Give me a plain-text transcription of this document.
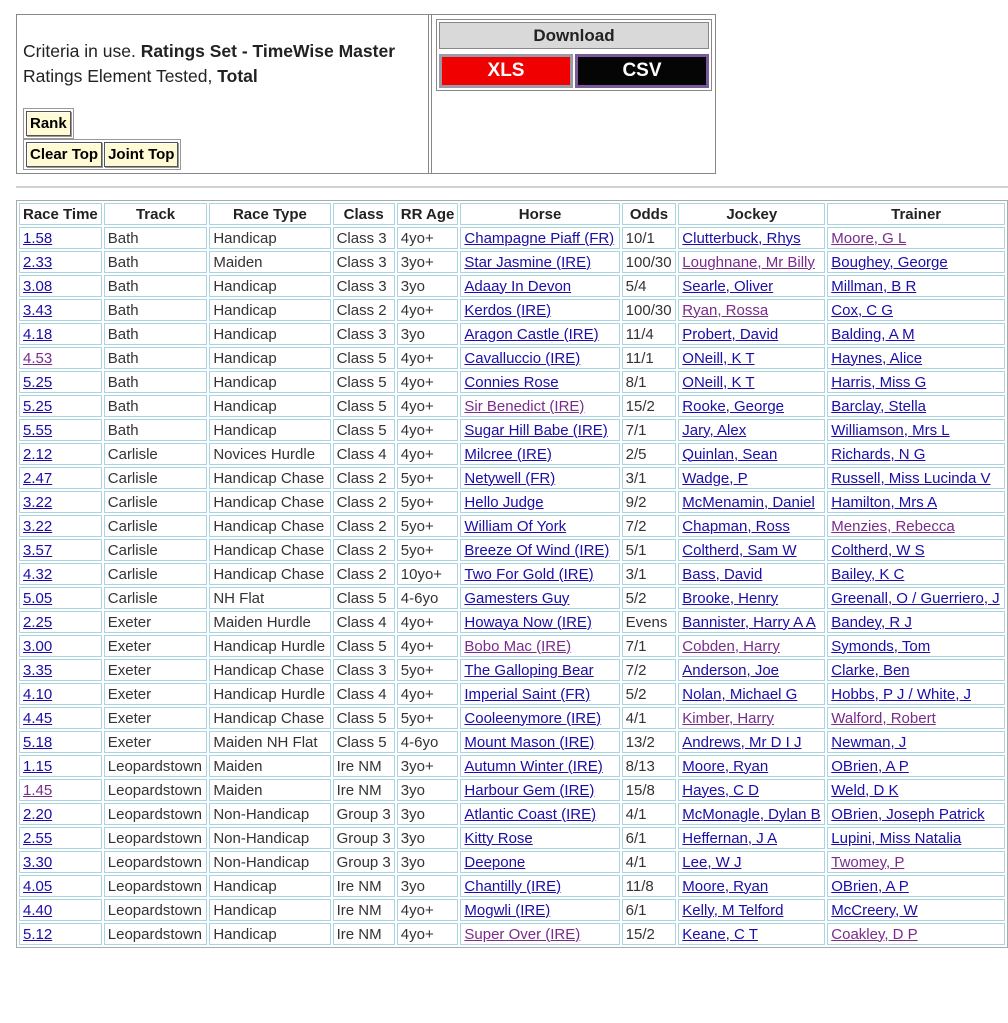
Criteria in use. Ratings Set - TimeWise Master
Ratings Element Tested, Total
Rank
Clear Top Joint Top
Download
XLS	CSV
Race Time	Track	Race Type	Class	RR Age	Horse	Odds	Jockey	Trainer
1.58	Bath	Handicap	Class 3	4yo+	Champagne Piaff (FR)	10/1	Clutterbuck, Rhys	Moore, G L
2.33	Bath	Maiden	Class 3	3yo+	Star Jasmine (IRE)	100/30	Loughnane, Mr Billy	Boughey, George
3.08	Bath	Handicap	Class 3	3yo	Adaay In Devon	5/4	Searle, Oliver	Millman, B R
3.43	Bath	Handicap	Class 2	4yo+	Kerdos (IRE)	100/30	Ryan, Rossa	Cox, C G
4.18	Bath	Handicap	Class 3	3yo	Aragon Castle (IRE)	11/4	Probert, David	Balding, A M
4.53	Bath	Handicap	Class 5	4yo+	Cavalluccio (IRE)	11/1	ONeill, K T	Haynes, Alice
5.25	Bath	Handicap	Class 5	4yo+	Connies Rose	8/1	ONeill, K T	Harris, Miss G
5.25	Bath	Handicap	Class 5	4yo+	Sir Benedict (IRE)	15/2	Rooke, George	Barclay, Stella
5.55	Bath	Handicap	Class 5	4yo+	Sugar Hill Babe (IRE)	7/1	Jary, Alex	Williamson, Mrs L
2.12	Carlisle	Novices Hurdle	Class 4	4yo+	Milcree (IRE)	2/5	Quinlan, Sean	Richards, N G
2.47	Carlisle	Handicap Chase	Class 2	5yo+	Netywell (FR)	3/1	Wadge, P	Russell, Miss Lucinda V
3.22	Carlisle	Handicap Chase	Class 2	5yo+	Hello Judge	9/2	McMenamin, Daniel	Hamilton, Mrs A
3.22	Carlisle	Handicap Chase	Class 2	5yo+	William Of York	7/2	Chapman, Ross	Menzies, Rebecca
3.57	Carlisle	Handicap Chase	Class 2	5yo+	Breeze Of Wind (IRE)	5/1	Coltherd, Sam W	Coltherd, W S
4.32	Carlisle	Handicap Chase	Class 2	10yo+	Two For Gold (IRE)	3/1	Bass, David	Bailey, K C
5.05	Carlisle	NH Flat	Class 5	4-6yo	Gamesters Guy	5/2	Brooke, Henry	Greenall, O / Guerriero, J
2.25	Exeter	Maiden Hurdle	Class 4	4yo+	Howaya Now (IRE)	Evens	Bannister, Harry A A	Bandey, R J
3.00	Exeter	Handicap Hurdle	Class 5	4yo+	Bobo Mac (IRE)	7/1	Cobden, Harry	Symonds, Tom
3.35	Exeter	Handicap Chase	Class 3	5yo+	The Galloping Bear	7/2	Anderson, Joe	Clarke, Ben
4.10	Exeter	Handicap Hurdle	Class 4	4yo+	Imperial Saint (FR)	5/2	Nolan, Michael G	Hobbs, P J / White, J
4.45	Exeter	Handicap Chase	Class 5	5yo+	Cooleenymore (IRE)	4/1	Kimber, Harry	Walford, Robert
5.18	Exeter	Maiden NH Flat	Class 5	4-6yo	Mount Mason (IRE)	13/2	Andrews, Mr D I J	Newman, J
1.15	Leopardstown	Maiden	Ire NM	3yo+	Autumn Winter (IRE)	8/13	Moore, Ryan	OBrien, A P
1.45	Leopardstown	Maiden	Ire NM	3yo	Harbour Gem (IRE)	15/8	Hayes, C D	Weld, D K
2.20	Leopardstown	Non-Handicap	Group 3	3yo	Atlantic Coast (IRE)	4/1	McMonagle, Dylan B	OBrien, Joseph Patrick
2.55	Leopardstown	Non-Handicap	Group 3	3yo	Kitty Rose	6/1	Heffernan, J A	Lupini, Miss Natalia
3.30	Leopardstown	Non-Handicap	Group 3	3yo	Deepone	4/1	Lee, W J	Twomey, P
4.05	Leopardstown	Handicap	Ire NM	3yo	Chantilly (IRE)	11/8	Moore, Ryan	OBrien, A P
4.40	Leopardstown	Handicap	Ire NM	4yo+	Mogwli (IRE)	6/1	Kelly, M Telford	McCreery, W
5.12	Leopardstown	Handicap	Ire NM	4yo+	Super Over (IRE)	15/2	Keane, C T	Coakley, D P
